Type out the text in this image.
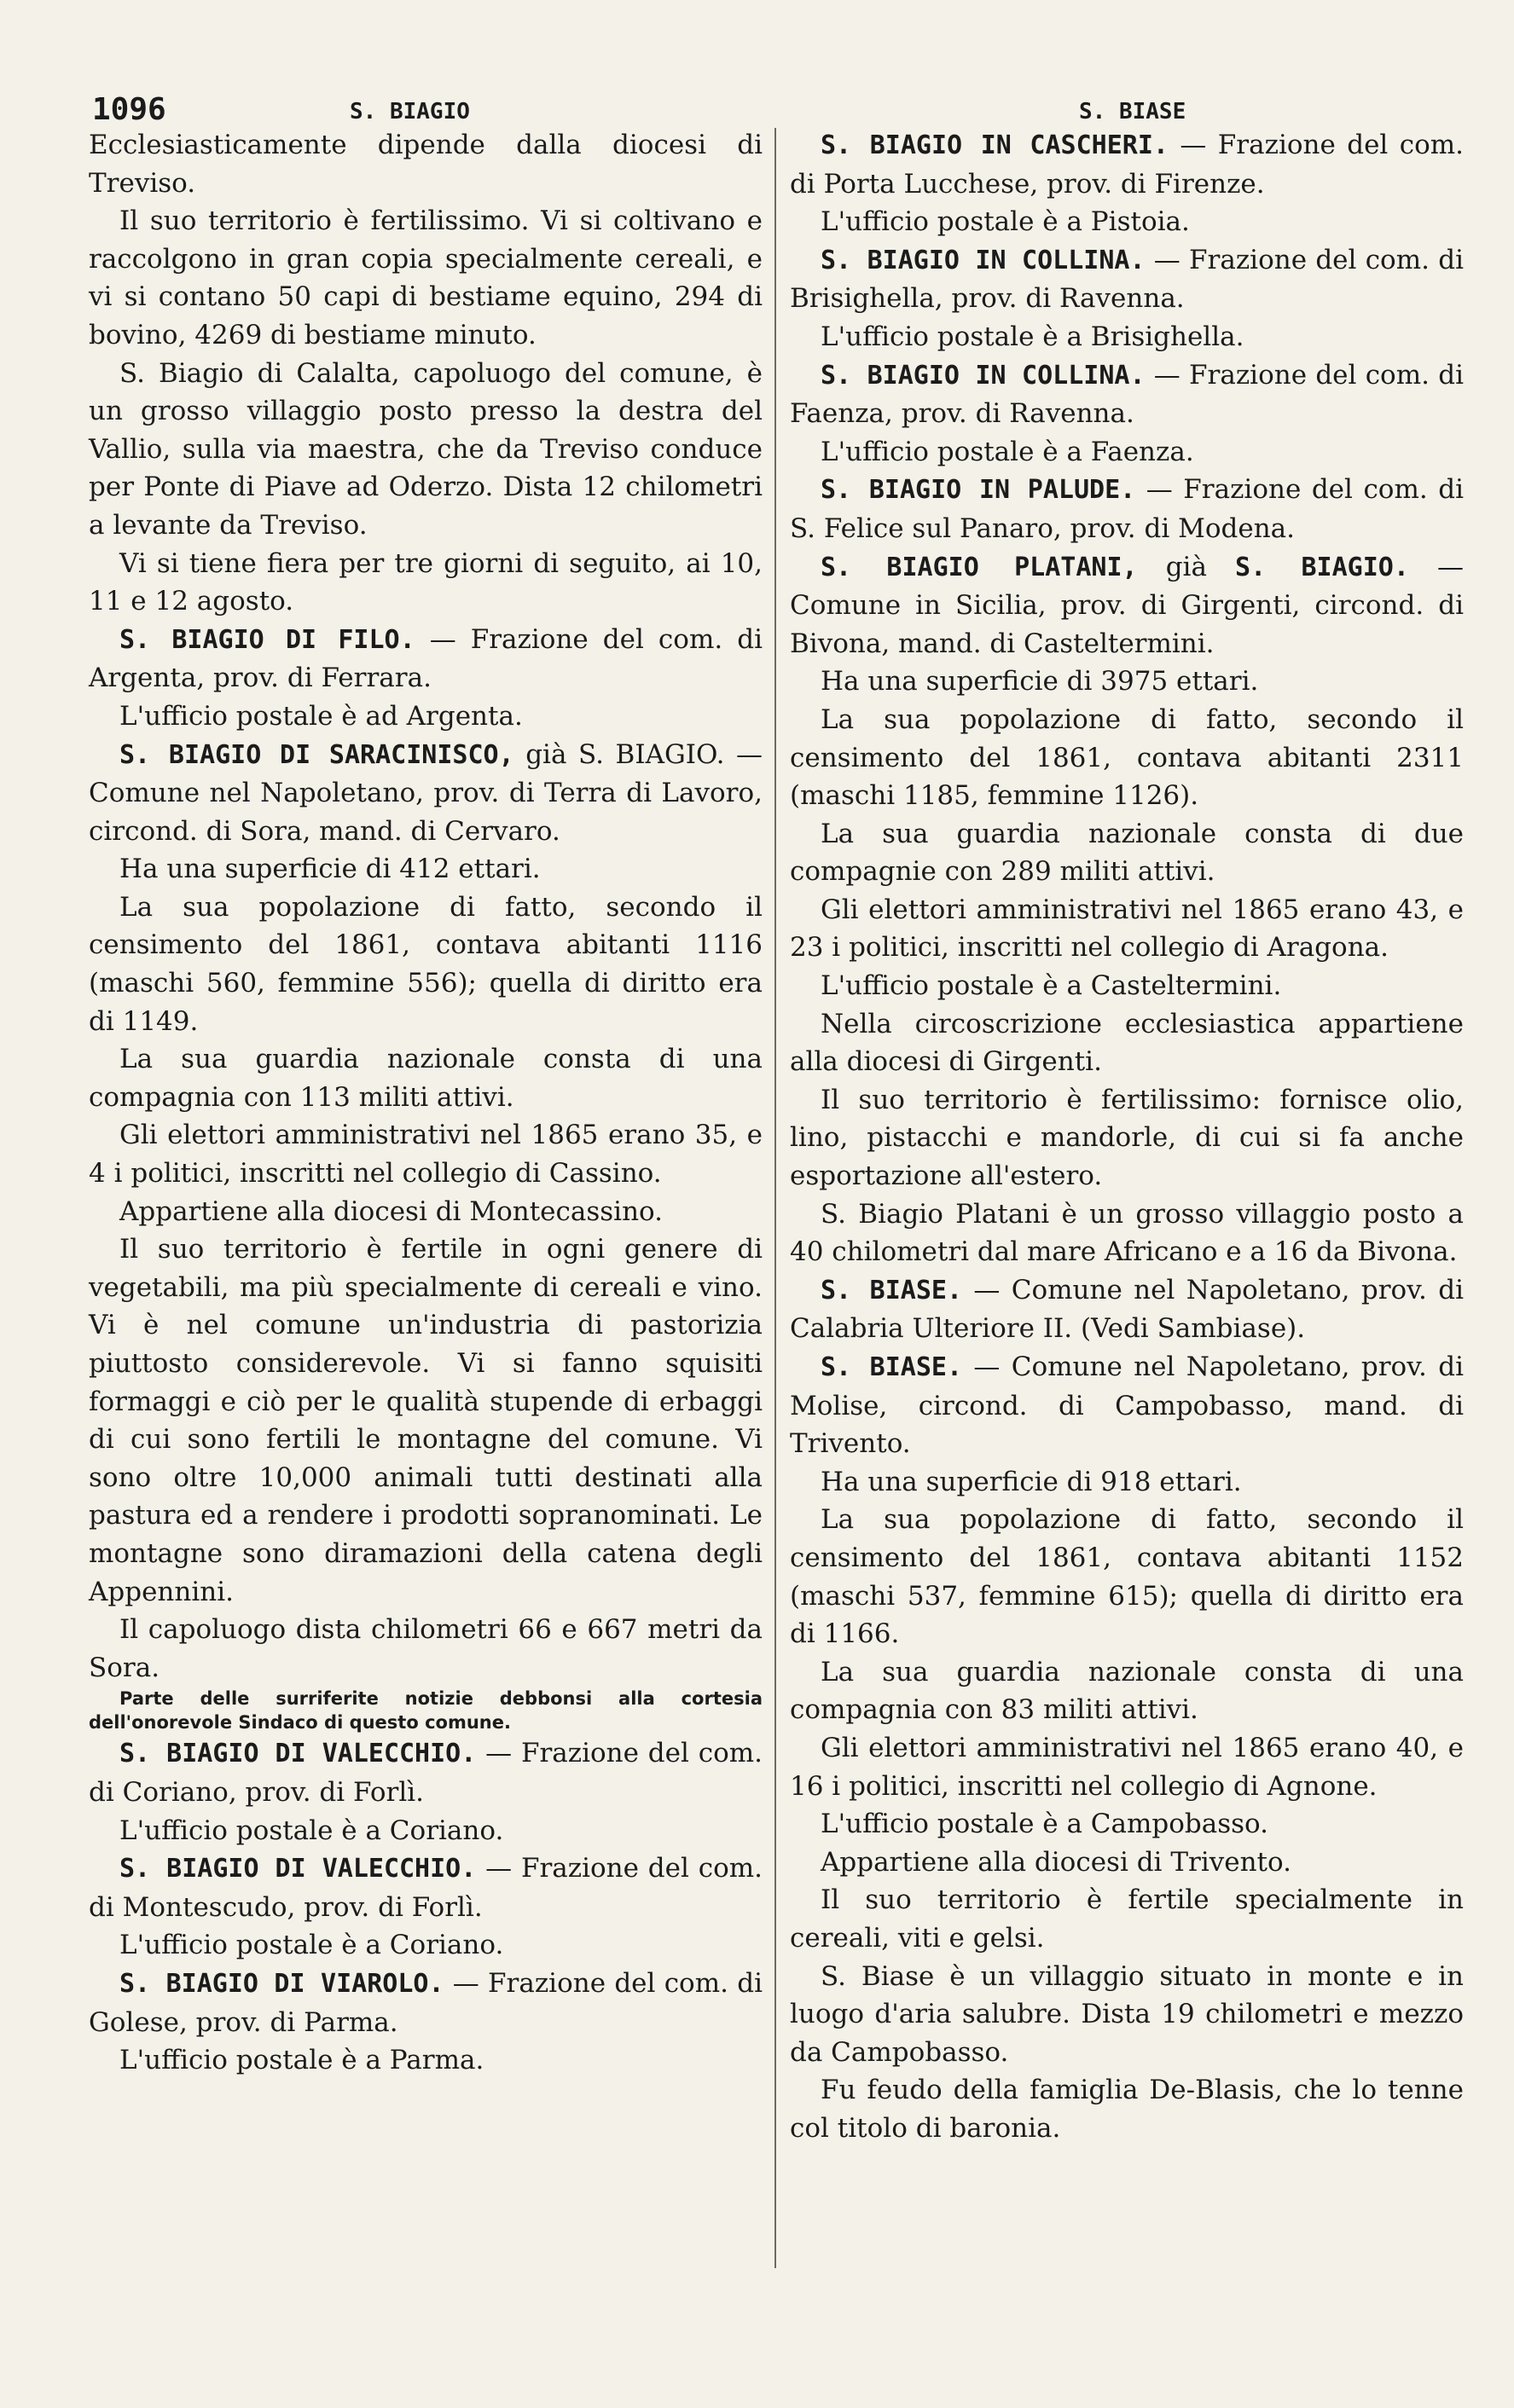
1096	S. BIAGIO	S. BIASE

Ecclesiasticamente dipende dalla diocesi di Treviso.

Il suo territorio è fertilissimo. Vi si coltivano e raccolgono in gran copia specialmente cereali, e vi si contano 50 capi di bestiame equino, 294 di bovino, 4269 di bestiame minuto.

S. Biagio di Calalta, capoluogo del comune, è un grosso villaggio posto presso la destra del Vallio, sulla via maestra, che da Treviso conduce per Ponte di Piave ad Oderzo. Dista 12 chilometri a levante da Treviso.

Vi si tiene fiera per tre giorni di seguito, ai 10, 11 e 12 agosto.

S. BIAGIO DI FILO. — Frazione del com. di Argenta, prov. di Ferrara.

L'ufficio postale è ad Argenta.

S. BIAGIO DI SARACINISCO, già S. BIAGIO. — Comune nel Napoletano, prov. di Terra di Lavoro, circond. di Sora, mand. di Cervaro.

Ha una superficie di 412 ettari.

La sua popolazione di fatto, secondo il censimento del 1861, contava abitanti 1116 (maschi 560, femmine 556); quella di diritto era di 1149.

La sua guardia nazionale consta di una compagnia con 113 militi attivi.

Gli elettori amministrativi nel 1865 erano 35, e 4 i politici, inscritti nel collegio di Cassino.

Appartiene alla diocesi di Montecassino.

Il suo territorio è fertile in ogni genere di vegetabili, ma più specialmente di cereali e vino. Vi è nel comune un'industria di pastorizia piuttosto considerevole. Vi si fanno squisiti formaggi e ciò per le qualità stupende di erbaggi di cui sono fertili le montagne del comune. Vi sono oltre 10,000 animali tutti destinati alla pastura ed a rendere i prodotti sopranominati. Le montagne sono diramazioni della catena degli Appennini.

Il capoluogo dista chilometri 66 e 667 metri da Sora.

Parte delle surriferite notizie debbonsi alla cortesia dell'onorevole Sindaco di questo comune.

S. BIAGIO DI VALECCHIO. — Frazione del com. di Coriano, prov. di Forlì.

L'ufficio postale è a Coriano.

S. BIAGIO DI VALECCHIO. — Frazione del com. di Montescudo, prov. di Forlì.

L'ufficio postale è a Coriano.

S. BIAGIO DI VIAROLO. — Frazione del com. di Golese, prov. di Parma.

L'ufficio postale è a Parma.

S. BIAGIO IN CASCHERI. — Frazione del com. di Porta Lucchese, prov. di Firenze.

L'ufficio postale è a Pistoia.

S. BIAGIO IN COLLINA. — Frazione del com. di Brisighella, prov. di Ravenna.

L'ufficio postale è a Brisighella.

S. BIAGIO IN COLLINA. — Frazione del com. di Faenza, prov. di Ravenna.

L'ufficio postale è a Faenza.

S. BIAGIO IN PALUDE. — Frazione del com. di S. Felice sul Panaro, prov. di Modena.

S. BIAGIO PLATANI, già S. BIAGIO. — Comune in Sicilia, prov. di Girgenti, circond. di Bivona, mand. di Casteltermini.

Ha una superficie di 3975 ettari.

La sua popolazione di fatto, secondo il censimento del 1861, contava abitanti 2311 (maschi 1185, femmine 1126).

La sua guardia nazionale consta di due compagnie con 289 militi attivi.

Gli elettori amministrativi nel 1865 erano 43, e 23 i politici, inscritti nel collegio di Aragona.

L'ufficio postale è a Casteltermini.

Nella circoscrizione ecclesiastica appartiene alla diocesi di Girgenti.

Il suo territorio è fertilissimo: fornisce olio, lino, pistacchi e mandorle, di cui si fa anche esportazione all'estero.

S. Biagio Platani è un grosso villaggio posto a 40 chilometri dal mare Africano e a 16 da Bivona.

S. BIASE. — Comune nel Napoletano, prov. di Calabria Ulteriore II. (Vedi Sambiase).

S. BIASE. — Comune nel Napoletano, prov. di Molise, circond. di Campobasso, mand. di Trivento.

Ha una superficie di 918 ettari.

La sua popolazione di fatto, secondo il censimento del 1861, contava abitanti 1152 (maschi 537, femmine 615); quella di diritto era di 1166.

La sua guardia nazionale consta di una compagnia con 83 militi attivi.

Gli elettori amministrativi nel 1865 erano 40, e 16 i politici, inscritti nel collegio di Agnone.

L'ufficio postale è a Campobasso.

Appartiene alla diocesi di Trivento.

Il suo territorio è fertile specialmente in cereali, viti e gelsi.

S. Biase è un villaggio situato in monte e in luogo d'aria salubre. Dista 19 chilometri e mezzo da Campobasso.

Fu feudo della famiglia De-Blasis, che lo tenne col titolo di baronia.
